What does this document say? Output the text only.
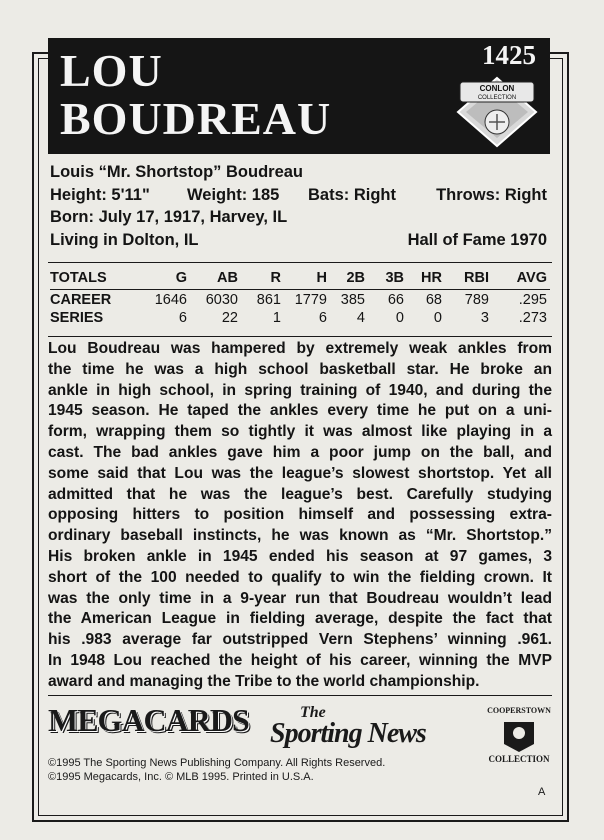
LOU
BOUDREAU
1425
CONLON
COLLECTION
Louis “Mr. Shortstop” Boudreau
Height: 5'11" Weight: 185 Bats: Right Throws: Right
Born: July 17, 1917, Harvey, IL
Living in Dolton, IL	Hall of Fame 1970
TOTALS	G AB R H 2B 3B HR RBI AVG
CAREER	1646 6030 861 1779 385 66 68 789 .295
SERIES	6 22 1	6 4 0 0	3 .273
Lou Boudreau was hampered by extremely weak ankles from
the time he was a high school basketball star. He broke an
ankle in high school, in spring training of 1940, and during the
1945 season. He taped the ankles every time he put on a uni-
form, wrapping them so tightly it was almost like playing in a
cast. The bad ankles gave him a poor jump on the ball, and
some said that Lou was the league’s slowest shortstop. Yet all
admitted that he was the league’s best. Carefully studying
opposing hitters to position himself and possessing extra-
ordinary baseball instincts, he was known as “Mr. Shortstop.”
His broken ankle in 1945 ended his season at 97 games, 3
short of the 100 needed to qualify to win the fielding crown. It
was the only time in a 9-year run that Boudreau wouldn’t lead
the American League in fielding average, despite the fact that
his .983 average far outstripped Vern Stephens’ winning .961.
In 1948 Lou reached the height of his career, winning the MVP
award and managing the Tribe to the world championship.
MEGACARDS	The
Sporting News
COOPERSTOWN
COLLECTION
©1995 The Sporting News Publishing Company. All Rights Reserved.
©1995 Megacards, Inc. © MLB 1995. Printed in U.S.A.
A
